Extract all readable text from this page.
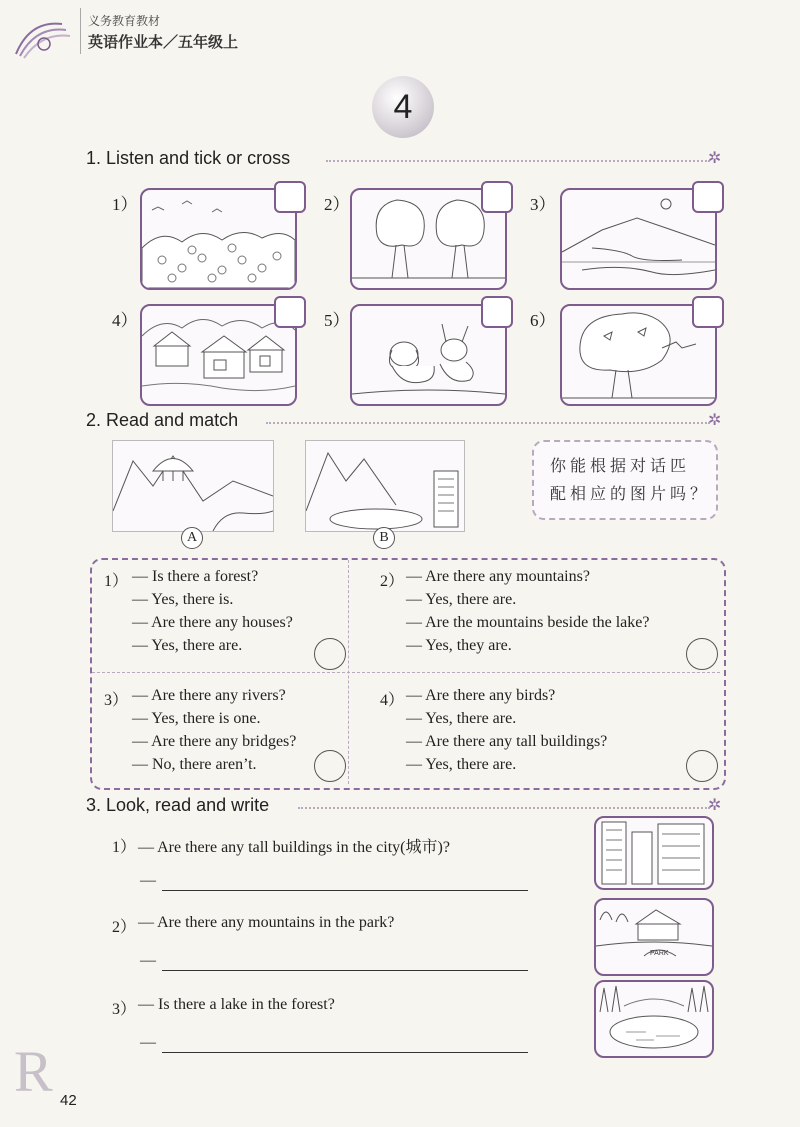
义务教育教材
英语作业本／五年级上
4
1. Listen and tick or cross	✲
1）	2）	3）
4）	5）	6）
2. Read and match	✲
A	B
你能根据对话匹
配相应的图片吗？
1） — Is there a forest?
— Yes, there is.
— Are there any houses?
— Yes, there are.
2） — Are there any mountains?
— Yes, there are.
— Are the mountains beside the lake?
— Yes, they are.
3） — Are there any rivers?
— Yes, there is one.
— Are there any bridges?
— No, there aren’t.
4） — Are there any birds?
— Yes, there are.
— Are there any tall buildings?
— Yes, there are.
3. Look, read and write	✲
1） — Are there any tall buildings in the city(城市)?
—
2） — Are there any mountains in the park?
—	PARK
3） — Is there a lake in the forest?
—
R 42
